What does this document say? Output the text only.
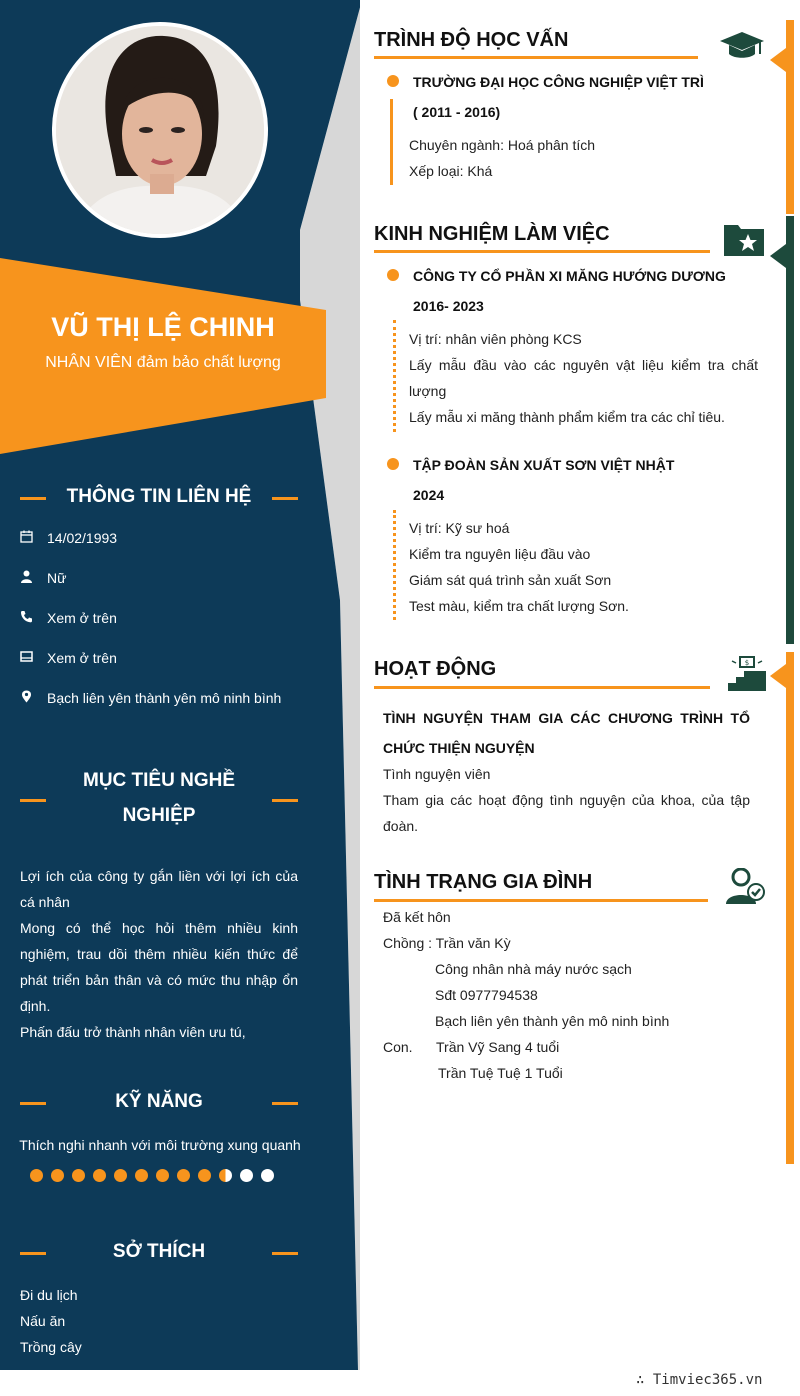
VŨ THỊ LỆ CHINH
NHÂN VIÊN đảm bảo chất lượng
THÔNG TIN LIÊN HỆ
14/02/1993
Nữ
Xem ở trên
Xem ở trên
Bạch liên yên thành yên mô ninh bình
MỤC TIÊU NGHỀ
NGHIỆP
Lợi ích của công ty gắn liền với lợi ích của cá nhân
Mong có thể học hỏi thêm nhiều kinh nghiệm, trau dồi thêm nhiều kiến thức để phát triển bản thân và có mức thu nhập ổn định.
Phấn đấu trở thành nhân viên ưu tú,
KỸ NĂNG
Thích nghi nhanh với môi trường xung quanh
SỞ THÍCH
Đi du lịch
Nấu ăn
Trồng cây
TRÌNH ĐỘ HỌC VẤN
TRƯỜNG ĐẠI HỌC CÔNG NGHIỆP VIỆT TRÌ
( 2011 - 2016)
Chuyên ngành: Hoá phân tích
Xếp loại: Khá
KINH NGHIỆM LÀM VIỆC
CÔNG TY CỔ PHẦN XI MĂNG HƯỚNG DƯƠNG
2016- 2023
Vị trí: nhân viên phòng KCS
Lấy mẫu đầu vào các nguyên vật liệu kiểm tra chất lượng
Lấy mẫu xi măng thành phẩm kiểm tra các chỉ tiêu.
TẬP ĐOÀN SẢN XUẤT SƠN VIỆT NHẬT
2024
Vị trí: Kỹ sư hoá
Kiểm tra nguyên liệu đầu vào
Giám sát quá trình sản xuất Sơn
Test màu, kiểm tra chất lượng Sơn.
HOẠT ĐỘNG	$
TÌNH NGUYỆN THAM GIA CÁC CHƯƠNG TRÌNH TỔ CHỨC THIỆN NGUYỆN
Tình nguyện viên
Tham gia các hoạt động tình nguyện của khoa, của tập đoàn.
TÌNH TRẠNG GIA ĐÌNH
Đã kết hôn
Chồng : Trần văn Kỳ
Công nhân nhà máy nước sạch
Sđt 0977794538
Bạch liên yên thành yên mô ninh bình
Con. Trần Vỹ Sang 4 tuổi
Trần Tuệ Tuệ 1 Tuổi
∴ Timviec365.vn
